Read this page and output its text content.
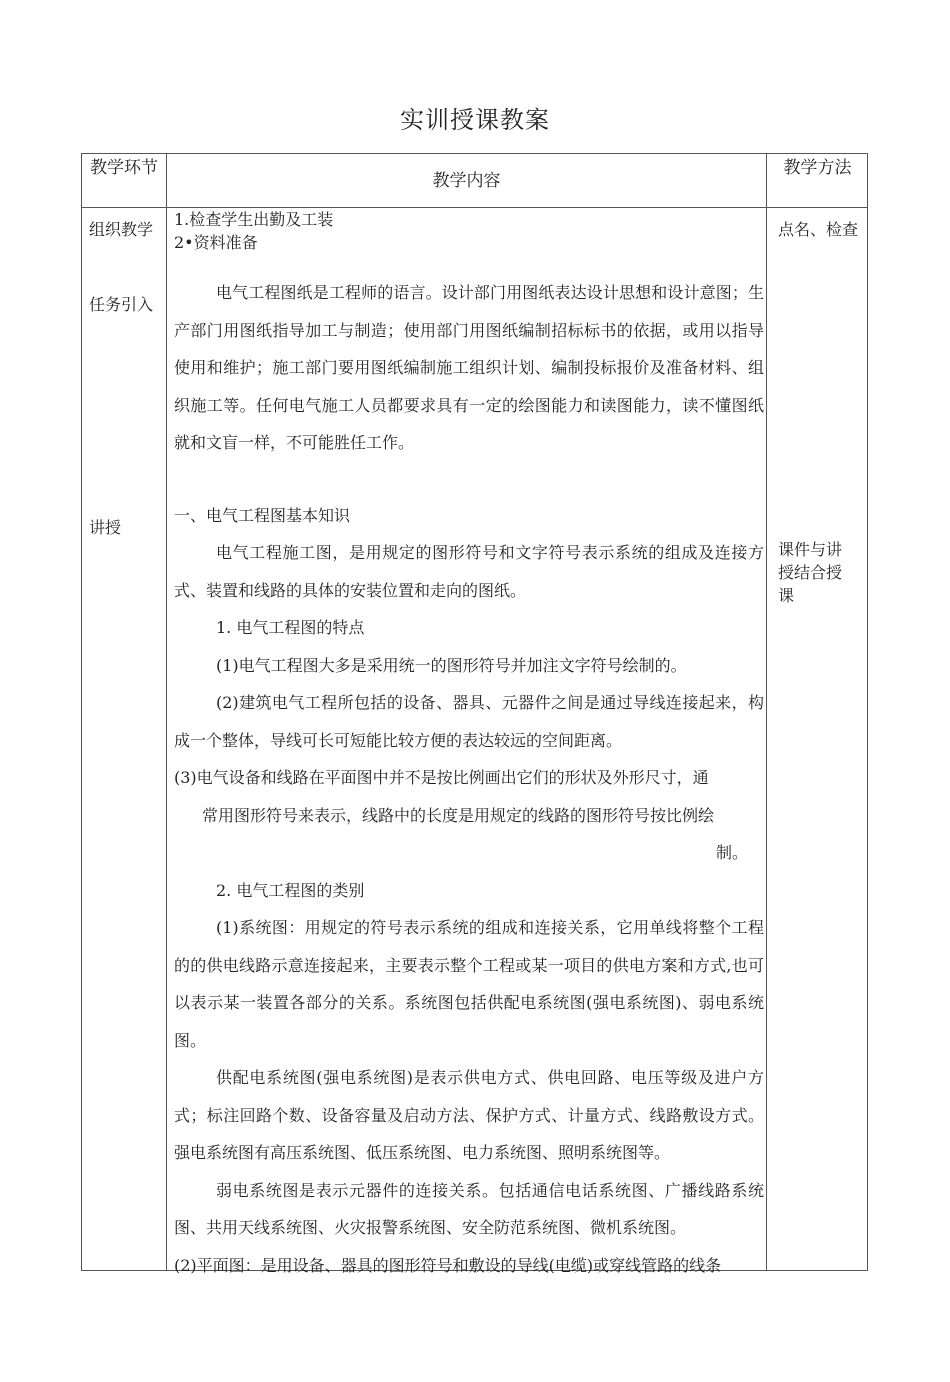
实训授课教案
教学环节
教学内容
教学方法
组织教学
任务引入
讲授
点名、检查
课件与讲授结合授课

1.检查学生出勤及工装

2•资料准备

电气工程图纸是工程师的语言。设计部门用图纸表达设计思想和设计意图；生产部门用图纸指导加工与制造；使用部门用图纸编制招标标书的依据，或用以指导使用和维护；施工部门要用图纸编制施工组织计划、编制投标报价及准备材料、组织施工等。任何电气施工人员都要求具有一定的绘图能力和读图能力，读不懂图纸就和文盲一样，不可能胜任工作。

一、电气工程图基本知识

电气工程施工图，是用规定的图形符号和文字符号表示系统的组成及连接方式、装置和线路的具体的安装位置和走向的图纸。

1. 电气工程图的特点

(1)电气工程图大多是采用统一的图形符号并加注文字符号绘制的。

(2)建筑电气工程所包括的设备、器具、元器件之间是通过导线连接起来，构成一个整体，导线可长可短能比较方便的表达较远的空间距离。

(3)电气设备和线路在平面图中并不是按比例画出它们的形状及外形尺寸，通

常用图形符号来表示，线路中的长度是用规定的线路的图形符号按比例绘

制。

2. 电气工程图的类别

(1)系统图：用规定的符号表示系统的组成和连接关系，它用单线将整个工程的的供电线路示意连接起来，主要表示整个工程或某一项目的供电方案和方式,也可以表示某一装置各部分的关系。系统图包括供配电系统图(强电系统图)、弱电系统图。

供配电系统图(强电系统图)是表示供电方式、供电回路、电压等级及进户方式；标注回路个数、设备容量及启动方法、保护方式、计量方式、线路敷设方式。强电系统图有高压系统图、低压系统图、电力系统图、照明系统图等。

弱电系统图是表示元器件的连接关系。包括通信电话系统图、广播线路系统图、共用天线系统图、火灾报警系统图、安全防范系统图、微机系统图。

(2)平面图：是用设备、器具的图形符号和敷设的导线(电缆)或穿线管路的线条
